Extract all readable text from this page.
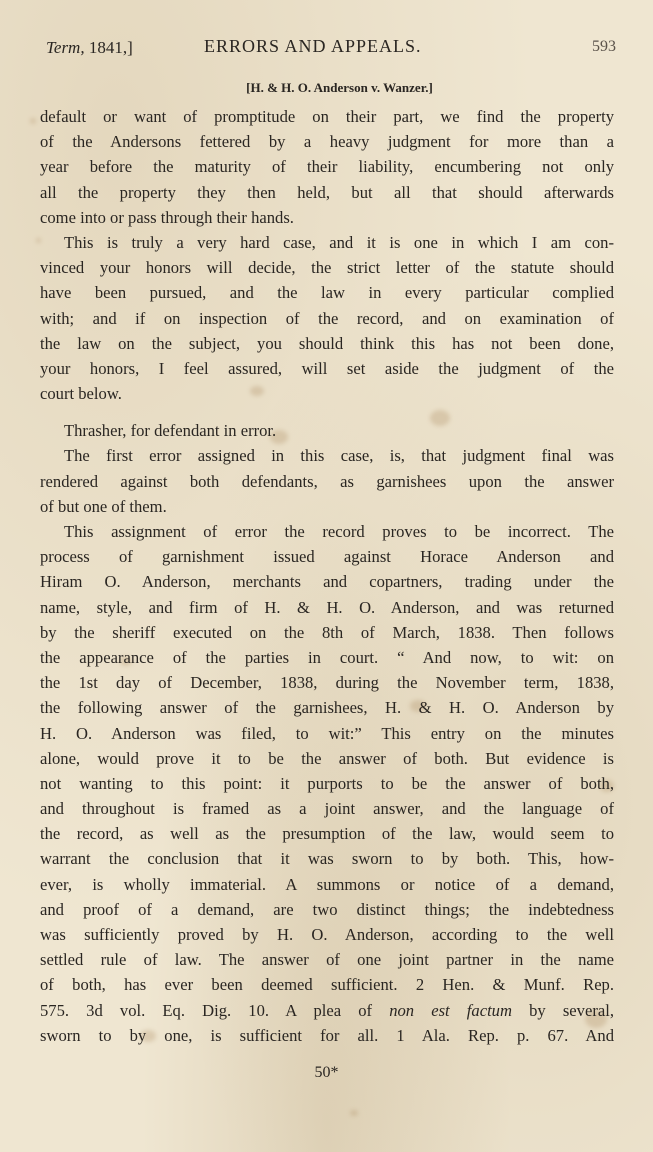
Term, 1841,]	ERRORS AND APPEALS.	593
[H. & H. O. Anderson v. Wanzer.]
default or want of promptitude on their part, we find the property
of the Andersons fettered by a heavy judgment for more than a
year before the maturity of their liability, encumbering not only
all the property they then held, but all that should afterwards
come into or pass through their hands.
This is truly a very hard case, and it is one in which I am con-
vinced your honors will decide, the strict letter of the statute should
have been pursued, and the law in every particular complied
with; and if on inspection of the record, and on examination of
the law on the subject, you should think this has not been done,
your honors, I feel assured, will set aside the judgment of the
court below.
Thrasher, for defendant in error.
The first error assigned in this case, is, that judgment final was
rendered against both defendants, as garnishees upon the answer
of but one of them.
This assignment of error the record proves to be incorrect. The
process of garnishment issued against Horace Anderson and
Hiram O. Anderson, merchants and copartners, trading under the
name, style, and firm of H. & H. O. Anderson, and was returned
by the sheriff executed on the 8th of March, 1838. Then follows
the appearance of the parties in court. “ And now, to wit: on
the 1st day of December, 1838, during the November term, 1838,
the following answer of the garnishees, H. & H. O. Anderson by
H. O. Anderson was filed, to wit:” This entry on the minutes
alone, would prove it to be the answer of both. But evidence is
not wanting to this point: it purports to be the answer of both,
and throughout is framed as a joint answer, and the language of
the record, as well as the presumption of the law, would seem to
warrant the conclusion that it was sworn to by both. This, how-
ever, is wholly immaterial. A summons or notice of a demand,
and proof of a demand, are two distinct things; the indebtedness
was sufficiently proved by H. O. Anderson, according to the well
settled rule of law. The answer of one joint partner in the name
of both, has ever been deemed sufficient. 2 Hen. & Munf. Rep.
575. 3d vol. Eq. Dig. 10. A plea of non est factum by several,
sworn to by one, is sufficient for all. 1 Ala. Rep. p. 67. And
50*
